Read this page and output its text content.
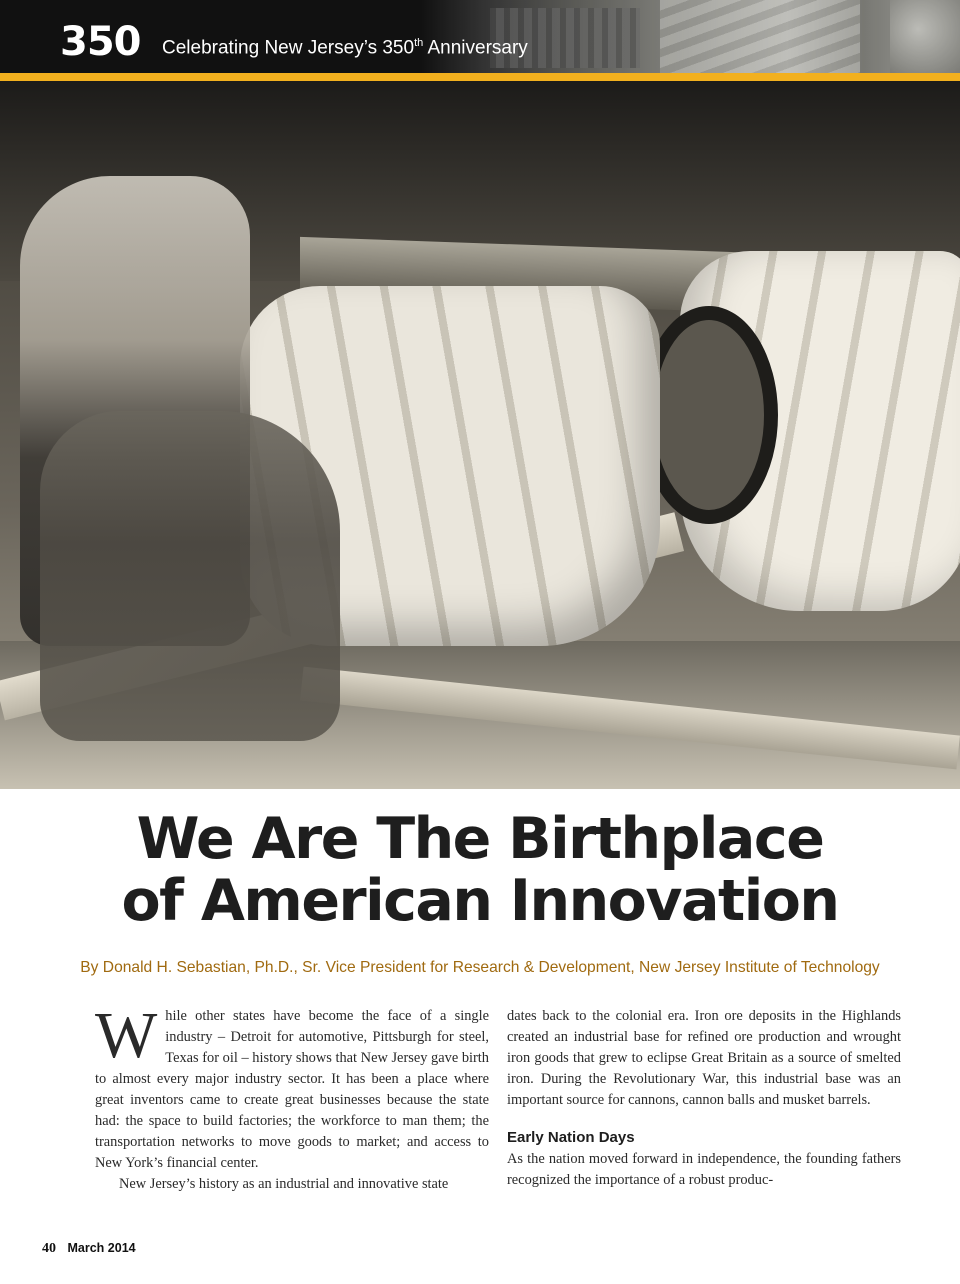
350 Celebrating New Jersey’s 350th Anniversary
We Are The Birthplace
of American Innovation
By Donald H. Sebastian, Ph.D., Sr. Vice President for Research & Development, New Jersey Institute of Technology

While other states have become the face of a single industry – Detroit for automotive, Pittsburgh for steel, Texas for oil – history shows that New Jersey gave birth to almost every major industry sector. It has been a place where great inventors came to create great businesses because the state had: the space to build factories; the workforce to man them; the transportation networks to move goods to market; and access to New York’s financial center.

New Jersey’s history as an industrial and innovative state

dates back to the colonial era. Iron ore deposits in the Highlands created an industrial base for refined ore production and wrought iron goods that grew to eclipse Great Britain as a source of smelted iron. During the Revolutionary War, this industrial base was an important source for cannons, cannon balls and musket barrels.

Early Nation Days

As the nation moved forward in independence, the founding fathers recognized the importance of a robust produc-

40 March 2014
